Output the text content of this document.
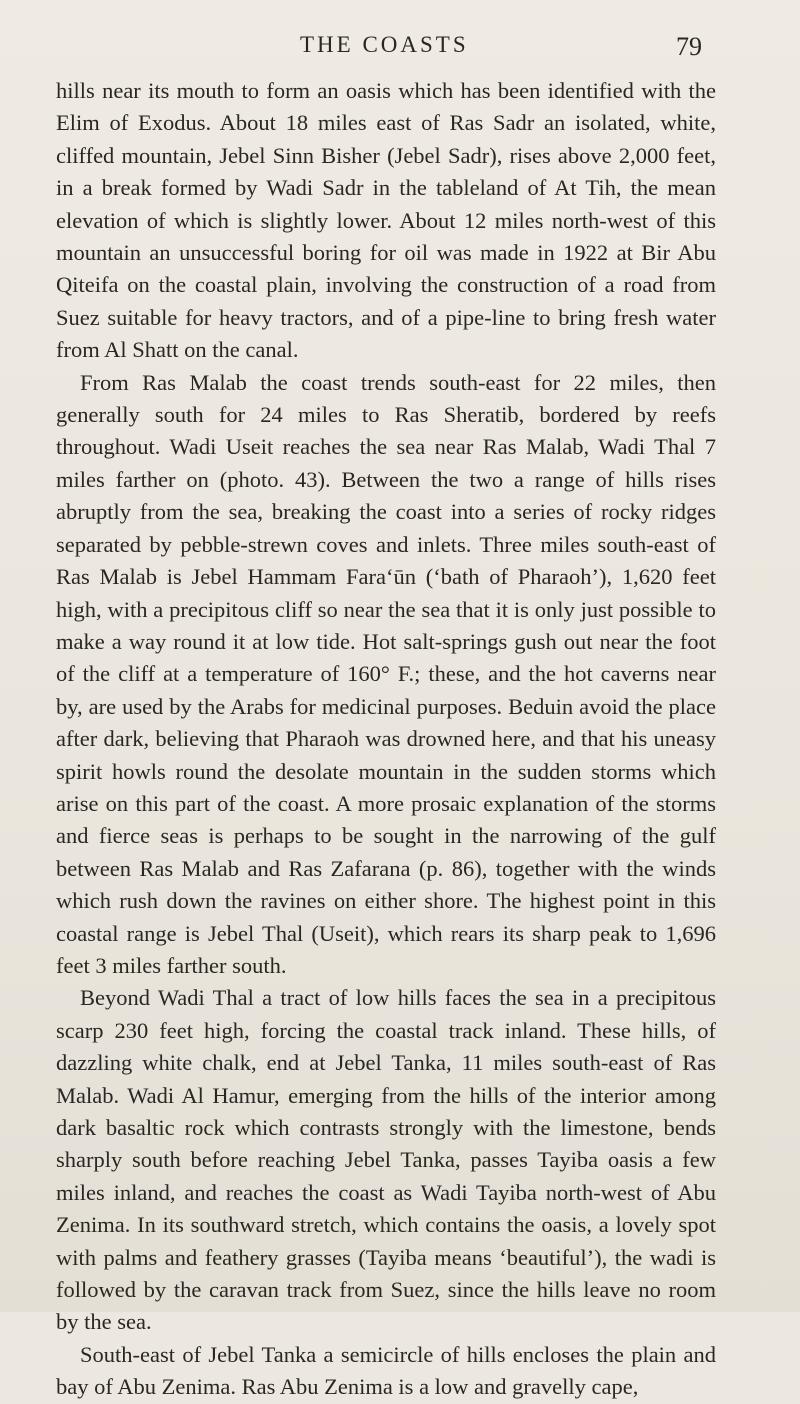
THE COASTS	79

hills near its mouth to form an oasis which has been identified with the Elim of Exodus. About 18 miles east of Ras Sadr an isolated, white, cliffed mountain, Jebel Sinn Bisher (Jebel Sadr), rises above 2,000 feet, in a break formed by Wadi Sadr in the tableland of At Tih, the mean elevation of which is slightly lower. About 12 miles north-west of this mountain an unsuccessful boring for oil was made in 1922 at Bir Abu Qiteifa on the coastal plain, involving the construction of a road from Suez suitable for heavy tractors, and of a pipe-line to bring fresh water from Al Shatt on the canal.

From Ras Malab the coast trends south-east for 22 miles, then generally south for 24 miles to Ras Sheratib, bordered by reefs throughout. Wadi Useit reaches the sea near Ras Malab, Wadi Thal 7 miles farther on (photo. 43). Between the two a range of hills rises abruptly from the sea, breaking the coast into a series of rocky ridges separated by pebble-strewn coves and inlets. Three miles south-east of Ras Malab is Jebel Hammam Fara‘ūn (‘bath of Pharaoh’), 1,620 feet high, with a precipitous cliff so near the sea that it is only just possible to make a way round it at low tide. Hot salt-springs gush out near the foot of the cliff at a temperature of 160° F.; these, and the hot caverns near by, are used by the Arabs for medicinal purposes. Beduin avoid the place after dark, believing that Pharaoh was drowned here, and that his uneasy spirit howls round the desolate mountain in the sudden storms which arise on this part of the coast. A more prosaic explanation of the storms and fierce seas is perhaps to be sought in the narrowing of the gulf between Ras Malab and Ras Zafarana (p. 86), together with the winds which rush down the ravines on either shore. The highest point in this coastal range is Jebel Thal (Useit), which rears its sharp peak to 1,696 feet 3 miles farther south.

Beyond Wadi Thal a tract of low hills faces the sea in a precipitous scarp 230 feet high, forcing the coastal track inland. These hills, of dazzling white chalk, end at Jebel Tanka, 11 miles south-east of Ras Malab. Wadi Al Hamur, emerging from the hills of the interior among dark basaltic rock which contrasts strongly with the limestone, bends sharply south before reaching Jebel Tanka, passes Tayiba oasis a few miles inland, and reaches the coast as Wadi Tayiba north-west of Abu Zenima. In its southward stretch, which contains the oasis, a lovely spot with palms and feathery grasses (Tayiba means ‘beautiful’), the wadi is followed by the caravan track from Suez, since the hills leave no room by the sea.

South-east of Jebel Tanka a semicircle of hills encloses the plain and bay of Abu Zenima. Ras Abu Zenima is a low and gravelly cape,
